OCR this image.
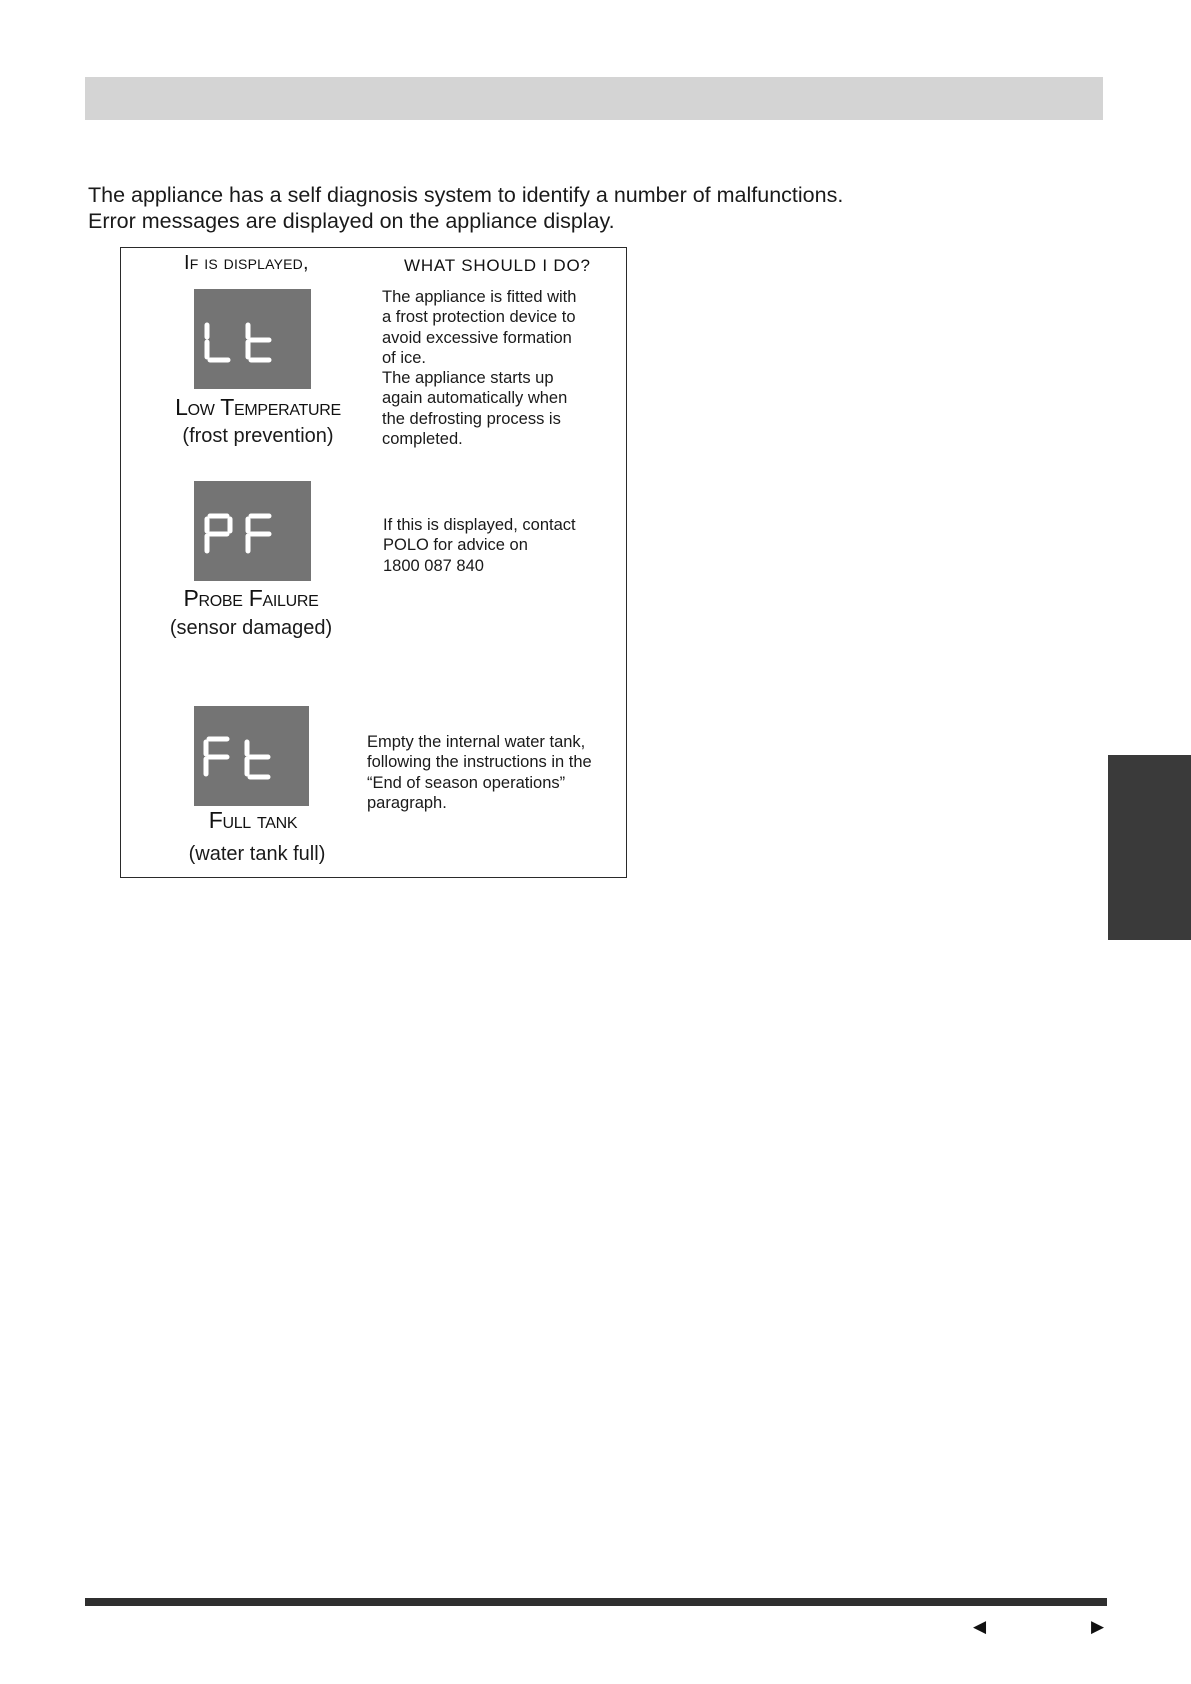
The appliance has a self diagnosis system to identify a number of malfunctions.
Error messages are displayed on the appliance display.
If is displayed,	WHAT SHOULD I DO?
Low Temperature
(frost prevention)
The appliance is fitted with
a frost protection device to
avoid excessive formation
of ice.
The appliance starts up
again automatically when
the defrosting process is
completed.
Probe Failure
(sensor damaged)
If this is displayed, contact
POLO for advice on
1800 087 840
Full tank
(water tank full)
Empty the internal water tank,
following the instructions in the
“End of season operations”
paragraph.
◀	▶
